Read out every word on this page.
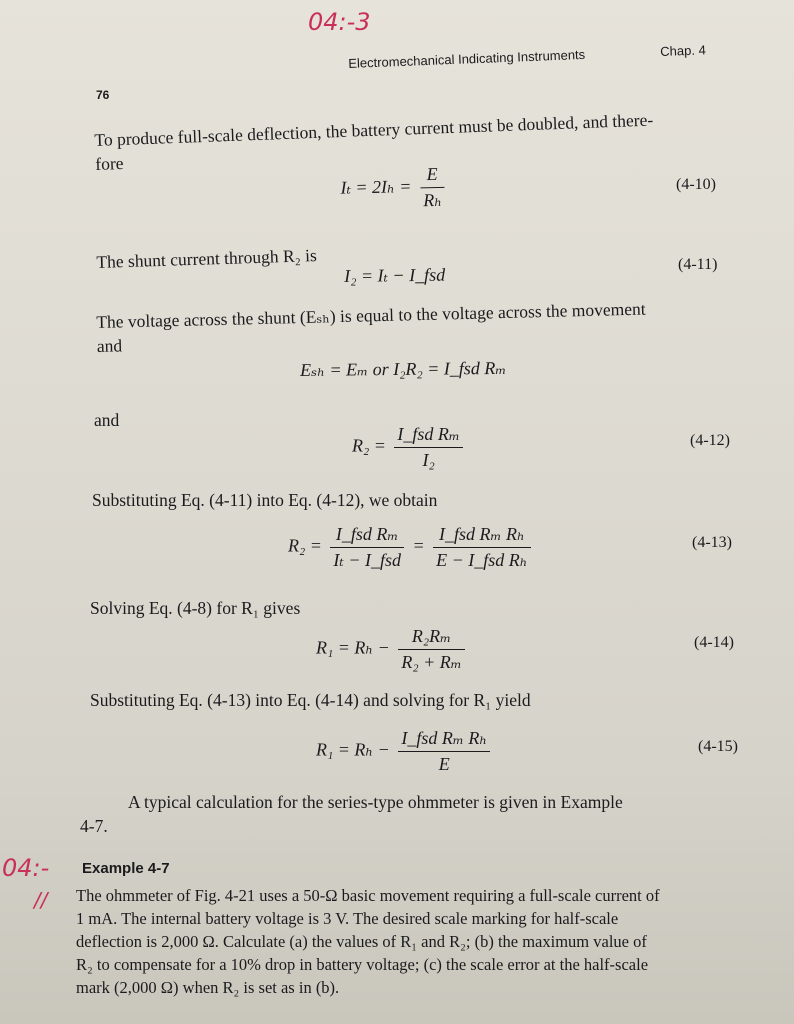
04:-3
04:-
//
Electromechanical Indicating Instruments	Chap. 4
76
To produce full-scale deflection, the battery current must be doubled, and there-
fore
$I_t = 2I_h = \frac{E}{\text{Rₕ}}$	(4-10)
The shunt current through R₂ is
I₂ = Iₜ − I_fsd
(4-11)
The voltage across the shunt (Eₛₕ) is equal to the voltage across the movement
and
Eₛₕ = Eₘ or I₂R₂ = I_fsd Rₘ
and
$R_2 = \frac{\text{I\_fsd Rₘ}}{\text{I₂}}$	(4-12)
Substituting Eq. (4-11) into Eq. (4-12), we obtain
$R_2 = \frac{\text{I\_fsd Rₘ}}{\text{Iₜ − I\_fsd}} = \frac{\text{I\_fsd Rₘ Rₕ}}{\text{E − I\_fsd Rₕ}}$	(4-13)
Solving Eq. (4-8) for R₁ gives
$R_1 = R_h - \frac{\text{R₂Rₘ}}{\text{R₂ + Rₘ}}$	(4-14)
Substituting Eq. (4-13) into Eq. (4-14) and solving for R₁ yield
$R_1 = R_h - \frac{\text{I\_fsd Rₘ Rₕ}}{E}$	(4-15)
A typical calculation for the series-type ohmmeter is given in Example
4-7.
Example 4-7
The ohmmeter of Fig. 4-21 uses a 50-Ω basic movement requiring a full-scale current of
1 mA. The internal battery voltage is 3 V. The desired scale marking for half-scale
deflection is 2,000 Ω. Calculate (a) the values of R₁ and R₂; (b) the maximum value of
R₂ to compensate for a 10% drop in battery voltage; (c) the scale error at the half-scale
mark (2,000 Ω) when R₂ is set as in (b).
